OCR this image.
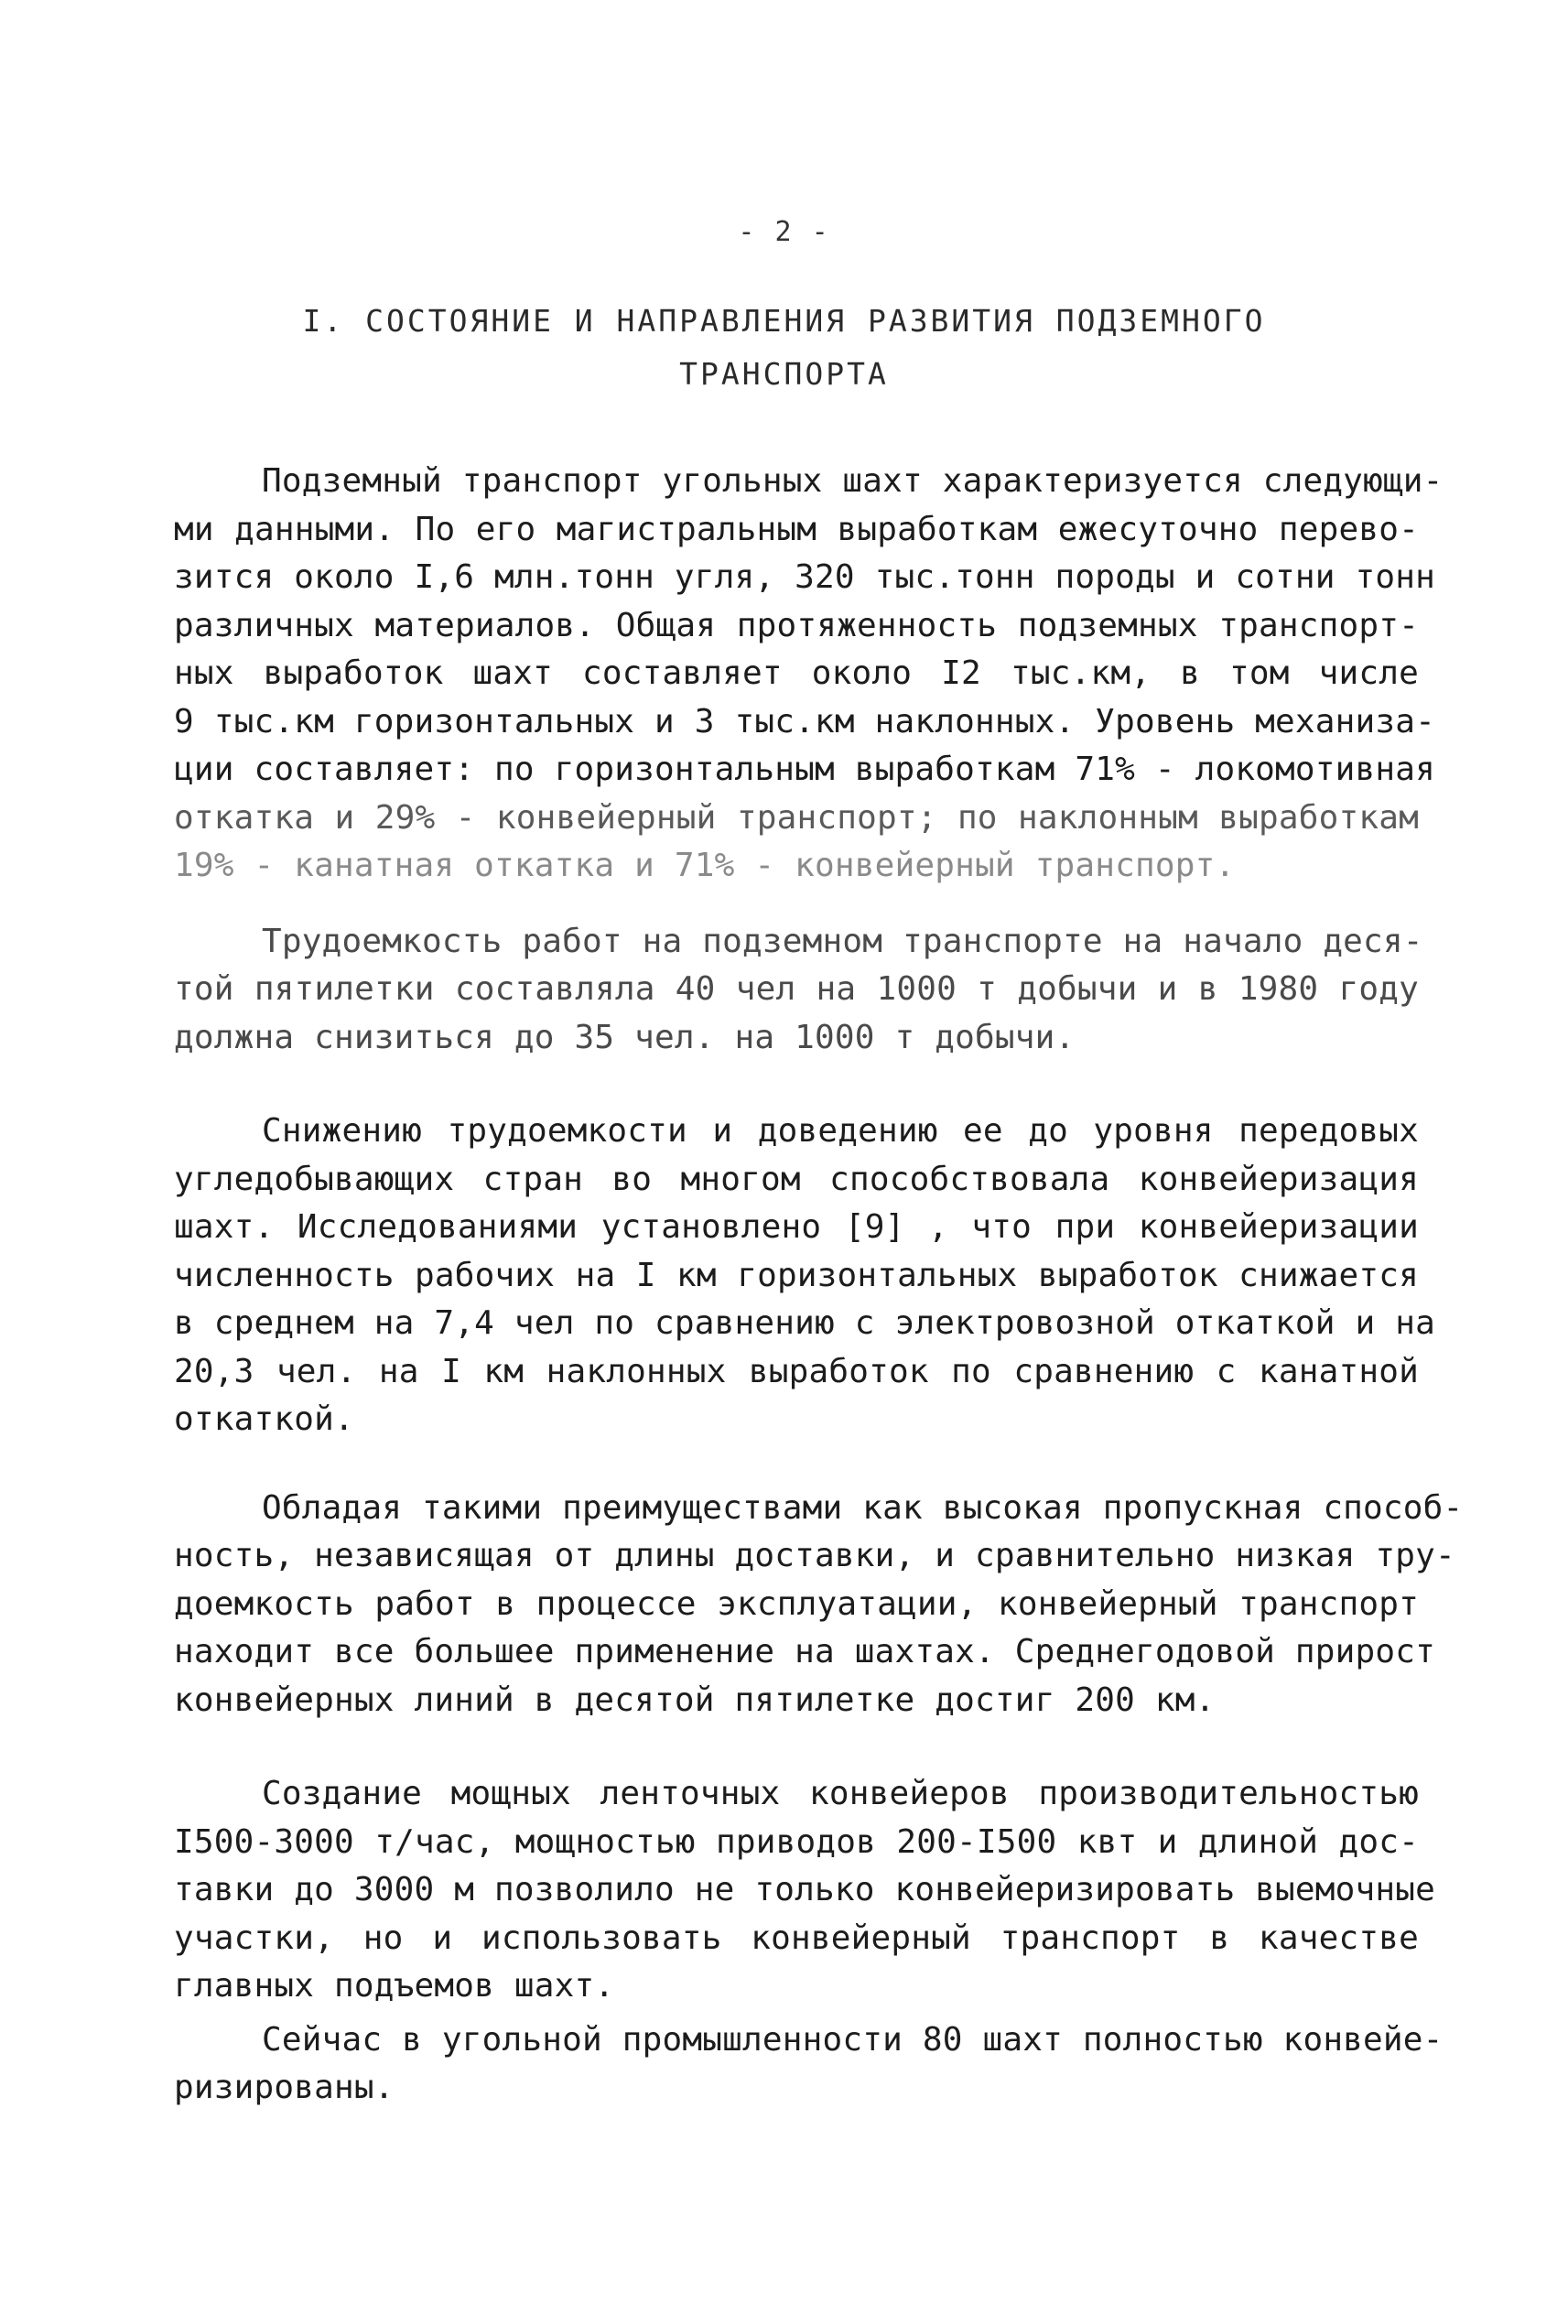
- 2 -
I. СОСТОЯНИЕ И НАПРАВЛЕНИЯ РАЗВИТИЯ ПОДЗЕМНОГО
ТРАНСПОРТА
Подземный транспорт угольных шахт характеризуется следующи-
ми данными. По его магистральным выработкам ежесуточно перево-
зится около I,6 млн.тонн угля, 320 тыс.тонн породы и сотни тонн
различных материалов. Общая протяженность подземных транспорт-
ных выработок шахт составляет около I2 тыс.км, в том числе
9 тыс.км горизонтальных и 3 тыс.км наклонных. Уровень механиза-
ции составляет: по горизонтальным выработкам 71% - локомотивная
откатка и 29% - конвейерный транспорт; по наклонным выработкам
19% - канатная откатка и 71% - конвейерный транспорт.
Трудоемкость работ на подземном транспорте на начало деся-
той пятилетки составляла 40 чел на 1000 т добычи и в 1980 году
должна снизиться до 35 чел. на 1000 т добычи.
Снижению трудоемкости и доведению ее до уровня передовых
угледобывающих стран во многом способствовала конвейеризация
шахт. Исследованиями установлено [9] , что при конвейеризации
численность рабочих на I км горизонтальных выработок снижается
в среднем на 7,4 чел по сравнению с электровозной откаткой и на
20,3 чел. на I км наклонных выработок по сравнению с канатной
откаткой.
Обладая такими преимуществами как высокая пропускная способ-
ность, независящая от длины доставки, и сравнительно низкая тру-
доемкость работ в процессе эксплуатации, конвейерный транспорт
находит все большее применение на шахтах. Среднегодовой прирост
конвейерных линий в десятой пятилетке достиг 200 км.
Создание мощных ленточных конвейеров производительностью
I500-3000 т/час, мощностью приводов 200-I500 квт и длиной дос-
тавки до 3000 м позволило не только конвейеризировать выемочные
участки, но и использовать конвейерный транспорт в качестве
главных подъемов шахт.
Сейчас в угольной промышленности 80 шахт полностью конвейе-
ризированы.
